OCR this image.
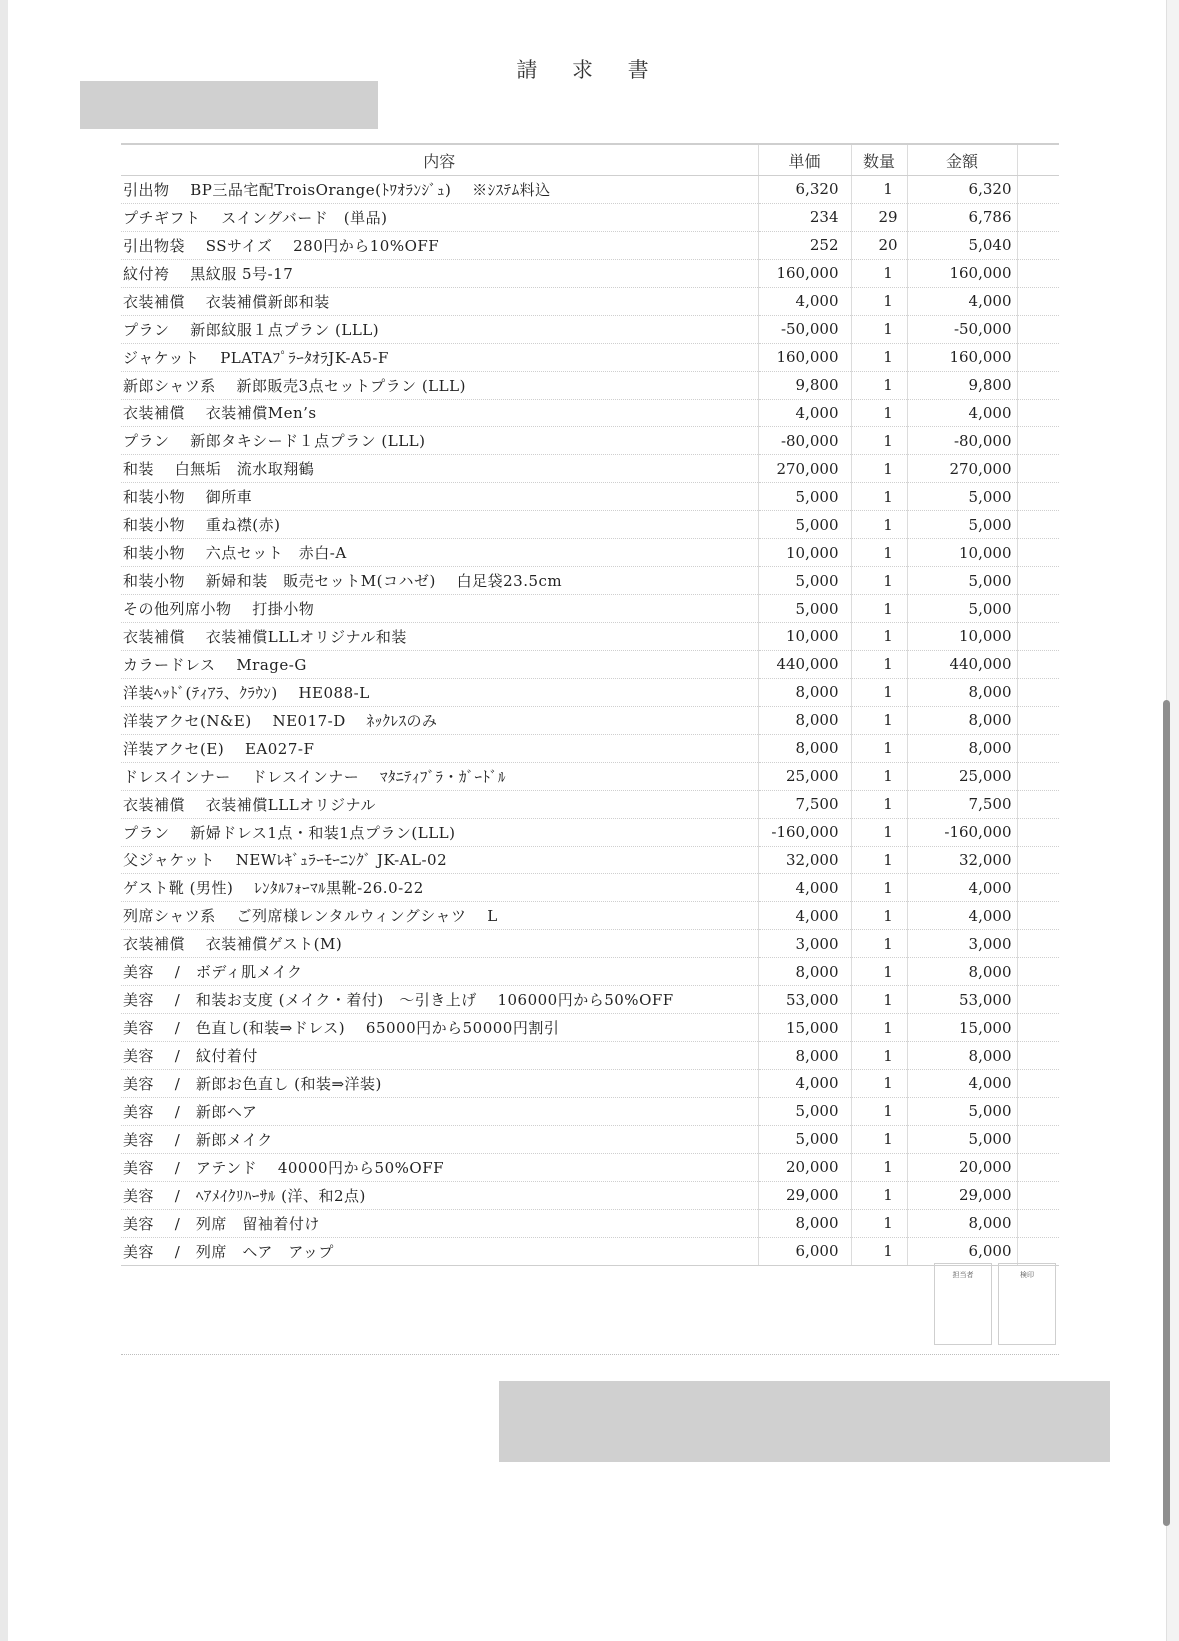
請 求 書
内容	単価	数量	金額	
引出物　 BP三品宅配TroisOrange(ﾄﾜｵﾗﾝｼﾞｭ)　 ※ｼｽﾃﾑ料込	6,320	1	6,320	
プチギフト　 スイングバード　(単品)	234	29	6,786	
引出物袋　 SSサイズ　 280円から10%OFF	252	20	5,040	
紋付袴　 黒紋服 5号-17	160,000	1	160,000	
衣装補償　 衣装補償新郎和装	4,000	1	4,000	
プラン　 新郎紋服１点プラン (LLL)	-50,000	1	-50,000	
ジャケット　 PLATAﾌﾟﾗｰﾀｵﾗJK-A5-F	160,000	1	160,000	
新郎シャツ系　 新郎販売3点セットプラン (LLL)	9,800	1	9,800	
衣装補償　 衣装補償Men’s	4,000	1	4,000	
プラン　 新郎タキシード１点プラン (LLL)	-80,000	1	-80,000	
和装　 白無垢　流水取翔鶴	270,000	1	270,000	
和装小物　 御所車	5,000	1	5,000	
和装小物　 重ね襟(赤)	5,000	1	5,000	
和装小物　 六点セット　赤白-A	10,000	1	10,000	
和装小物　 新婦和装　販売セットM(コハゼ)　 白足袋23.5cm	5,000	1	5,000	
その他列席小物　 打掛小物	5,000	1	5,000	
衣装補償　 衣装補償LLLオリジナル和装	10,000	1	10,000	
カラードレス　 Mrage-G	440,000	1	440,000	
洋装ﾍｯﾄﾞ(ﾃｨｱﾗ、ｸﾗｳﾝ)　 HE088-L	8,000	1	8,000	
洋装アクセ(N&E)　 NE017-D　 ﾈｯｸﾚｽのみ	8,000	1	8,000	
洋装アクセ(E)　 EA027-F	8,000	1	8,000	
ドレスインナー　 ドレスインナー　 ﾏﾀﾆﾃｨﾌﾞﾗ・ｶﾞｰﾄﾞﾙ	25,000	1	25,000	
衣装補償　 衣装補償LLLオリジナル	7,500	1	7,500	
プラン　 新婦ドレス1点・和装1点プラン(LLL)	-160,000	1	-160,000	
父ジャケット　 NEWﾚｷﾞｭﾗｰﾓｰﾆﾝｸﾞ JK-AL-02	32,000	1	32,000	
ゲスト靴 (男性)　 ﾚﾝﾀﾙﾌｫｰﾏﾙ黒靴-26.0-22	4,000	1	4,000	
列席シャツ系　 ご列席様レンタルウィングシャツ　 L	4,000	1	4,000	
衣装補償　 衣装補償ゲスト(M)	3,000	1	3,000	
美容　 /　ボディ肌メイク	8,000	1	8,000	
美容　 /　和装お支度 (メイク・着付)　～引き上げ　 106000円から50%OFF	53,000	1	53,000	
美容　 /　色直し(和装⇒ドレス)　 65000円から50000円割引	15,000	1	15,000	
美容　 /　紋付着付	8,000	1	8,000	
美容　 /　新郎お色直し (和装⇒洋装)	4,000	1	4,000	
美容　 /　新郎ヘア	5,000	1	5,000	
美容　 /　新郎メイク	5,000	1	5,000	
美容　 /　アテンド　 40000円から50%OFF	20,000	1	20,000	
美容　 /　ﾍｱﾒｲｸﾘﾊｰｻﾙ (洋、和2点)	29,000	1	29,000	
美容　 /　列席　留袖着付け	8,000	1	8,000	
美容　 /　列席　ヘア　アップ	6,000	1	6,000	
担当者	検印
